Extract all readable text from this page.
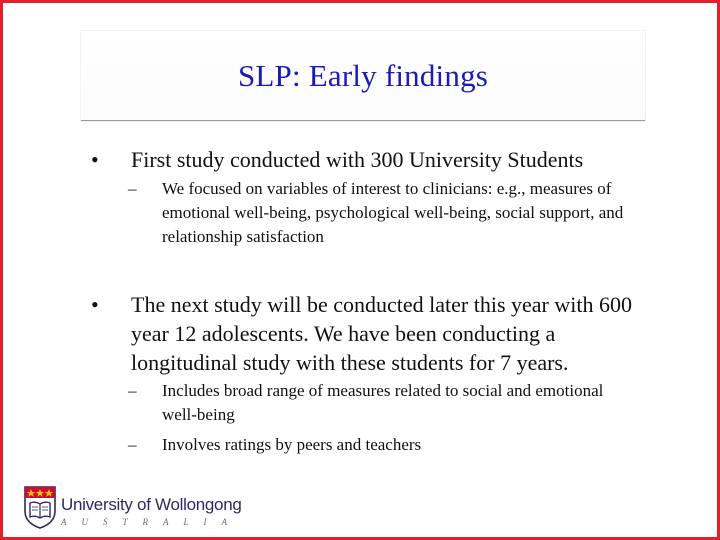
SLP: Early findings
• First study conducted with 300 University Students
– We focused on variables of interest to clinicians: e.g., measures of emotional well-being, psychological well-being, social support, and relationship satisfaction
• The next study will be conducted later this year with 600 year 12 adolescents. We have been conducting a longitudinal study with these students for 7 years.
– Includes broad range of measures related to social and emotional well-being
– Involves ratings by peers and teachers
University of Wollongong
AUSTRALIA
